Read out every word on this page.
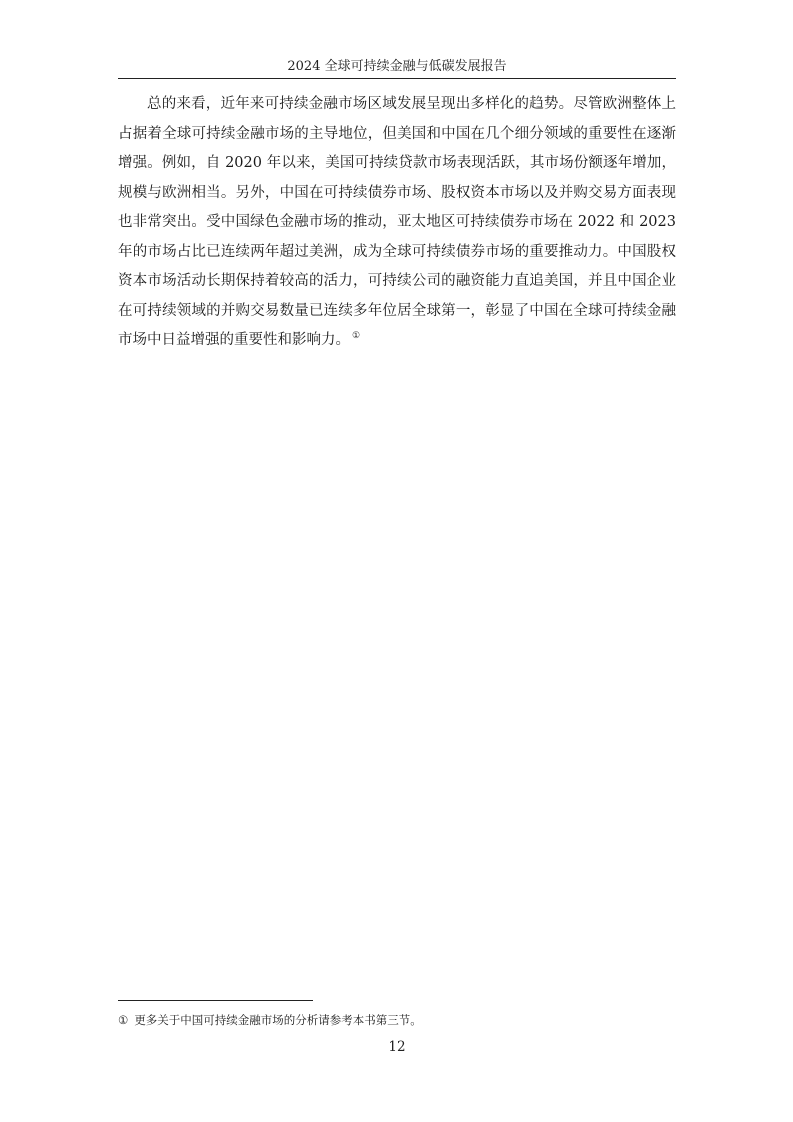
2024 全球可持续金融与低碳发展报告

总的来看，近年来可持续金融市场区域发展呈现出多样化的趋势。尽管欧洲整体上占据着全球可持续金融市场的主导地位，但美国和中国在几个细分领域的重要性在逐渐增强。例如，自 2020 年以来，美国可持续贷款市场表现活跃，其市场份额逐年增加，规模与欧洲相当。另外，中国在可持续债券市场、股权资本市场以及并购交易方面表现也非常突出。受中国绿色金融市场的推动，亚太地区可持续债券市场在 2022 和 2023 年的市场占比已连续两年超过美洲，成为全球可持续债券市场的重要推动力。中国股权资本市场活动长期保持着较高的活力，可持续公司的融资能力直追美国，并且中国企业在可持续领域的并购交易数量已连续多年位居全球第一，彰显了中国在全球可持续金融市场中日益增强的重要性和影响力。 ①

① 更多关于中国可持续金融市场的分析请参考本书第三节。
12
